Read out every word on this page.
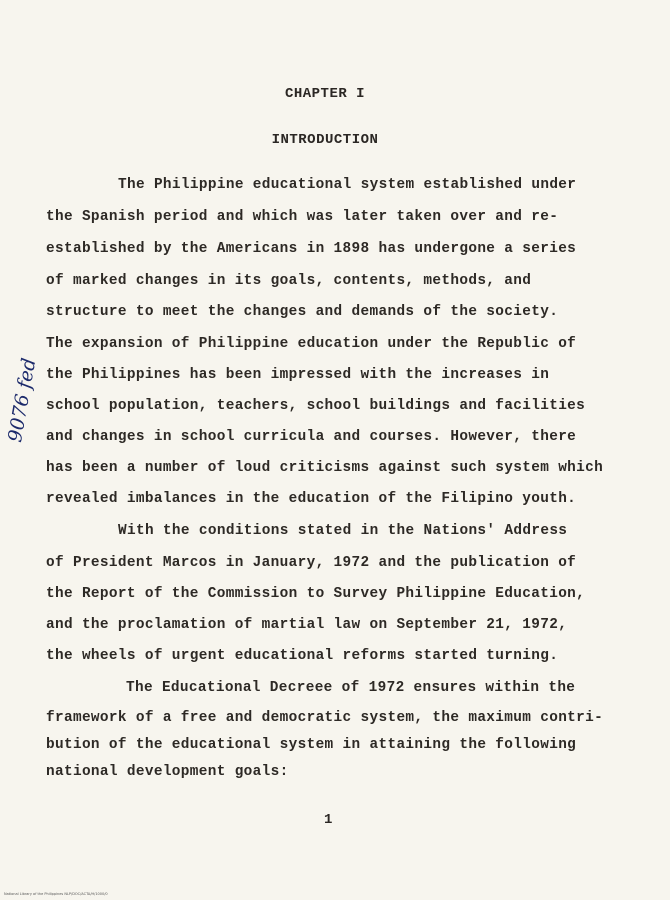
CHAPTER I
INTRODUCTION
The Philippine educational system established under
the Spanish period and which was later taken over and re-
established by the Americans in 1898 has undergone a series
of marked changes in its goals, contents, methods, and
structure to meet the changes and demands of the society.
The expansion of Philippine education under the Republic of
the Philippines has been impressed with the increases in
school population, teachers, school buildings and facilities
and changes in school curricula and courses. However, there
has been a number of loud criticisms against such system which
revealed imbalances in the education of the Filipino youth.
With the conditions stated in the Nations' Address
of President Marcos in January, 1972 and the publication of
the Report of the Commission to Survey Philippine Education,
and the proclamation of martial law on September 21, 1972,
the wheels of urgent educational reforms started turning.
The Educational Decreee of 1972 ensures within the
framework of a free and democratic system, the maximum contri-
bution of the educational system in attaining the following
national development goals:
1
9076 fed
National Library of the Philippines NLP/DOC/ACTA/H/1000/0
